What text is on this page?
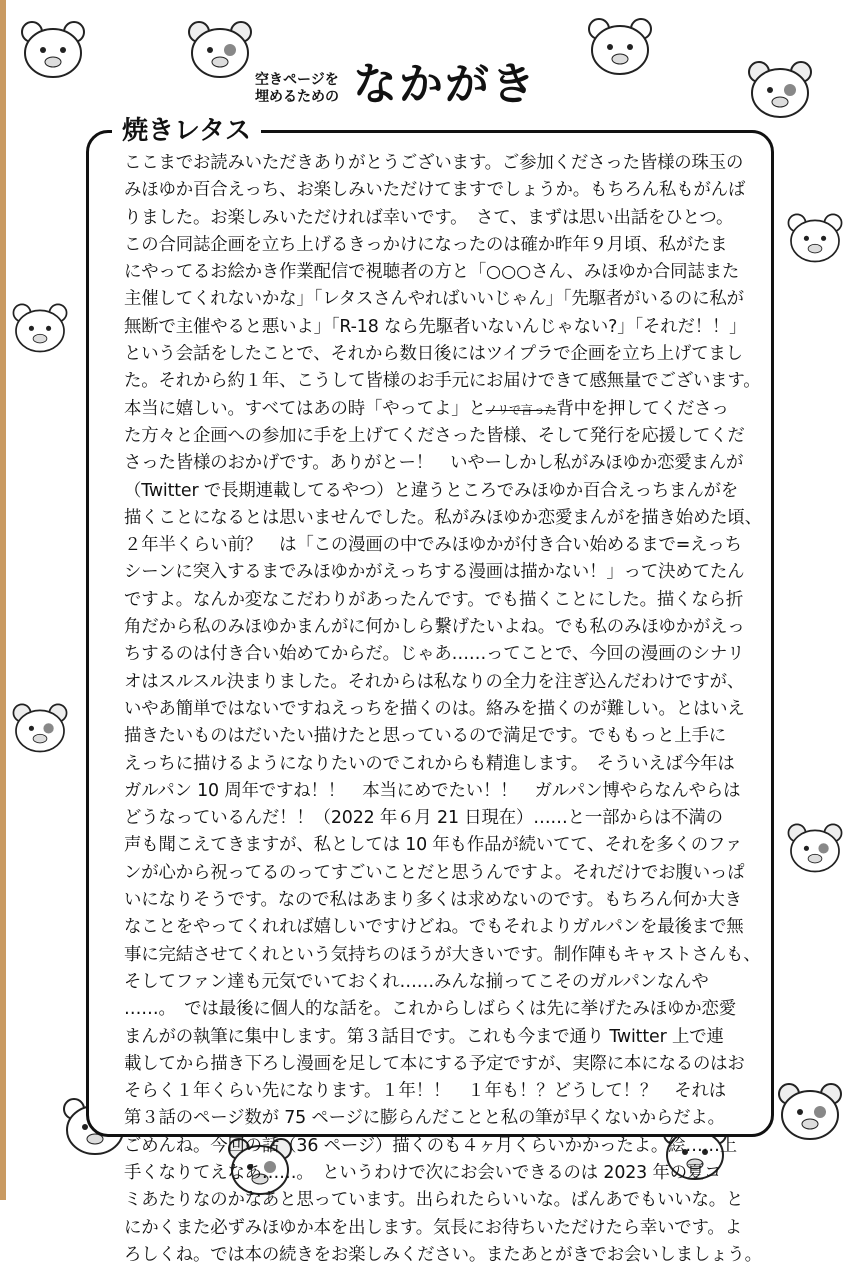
空きページを
埋めるための なかがき
焼きレタス
ここまでお読みいただきありがとうございます。ご参加くださった皆様の珠玉の
みほゆか百合えっち、お楽しみいただけてますでしょうか。もちろん私もがんば
りました。お楽しみいただければ幸いです。　さて、まずは思い出話をひとつ。
この合同誌企画を立ち上げるきっかけになったのは確か昨年９月頃、私がたま
にやってるお絵かき作業配信で視聴者の方と「○○○さん、みほゆか合同誌また
主催してくれないかな」「レタスさんやればいいじゃん」「先駆者がいるのに私が
無断で主催やると悪いよ」「R-18 なら先駆者いないんじゃない?」「それだ！！」
という会話をしたことで、それから数日後にはツイプラで企画を立ち上げてまし
た。それから約１年、こうして皆様のお手元にお届けできて感無量でございます。
本当に嬉しい。すべてはあの時「やってよ」とノリで言った背中を押してくださっ
た方々と企画への参加に手を上げてくださった皆様、そして発行を応援してくだ
さった皆様のおかげです。ありがとー！　いやーしかし私がみほゆか恋愛まんが
（Twitter で長期連載してるやつ）と違うところでみほゆか百合えっちまんがを
描くことになるとは思いませんでした。私がみほゆか恋愛まんがを描き始めた頃、
２年半くらい前？　は「この漫画の中でみほゆかが付き合い始めるまで=えっち
シーンに突入するまでみほゆかがえっちする漫画は描かない！」って決めてたん
ですよ。なんか変なこだわりがあったんです。でも描くことにした。描くなら折
角だから私のみほゆかまんがに何かしら繋げたいよね。でも私のみほゆかがえっ
ちするのは付き合い始めてからだ。じゃあ……ってことで、今回の漫画のシナリ
オはスルスル決まりました。それからは私なりの全力を注ぎ込んだわけですが、
いやあ簡単ではないですねえっちを描くのは。絡みを描くのが難しい。とはいえ
描きたいものはだいたい描けたと思っているので満足です。でももっと上手に
えっちに描けるようになりたいのでこれからも精進します。　そういえば今年は
ガルパン 10 周年ですね！！　本当にめでたい！！　ガルパン博やらなんやらは
どうなっているんだ！！（2022 年６月 21 日現在）……と一部からは不満の
声も聞こえてきますが、私としては 10 年も作品が続いてて、それを多くのファ
ンが心から祝ってるのってすごいことだと思うんですよ。それだけでお腹いっぱ
いになりそうです。なので私はあまり多くは求めないのです。もちろん何か大き
なことをやってくれれば嬉しいですけどね。でもそれよりガルパンを最後まで無
事に完結させてくれという気持ちのほうが大きいです。制作陣もキャストさんも、
そしてファン達も元気でいておくれ……みんな揃ってこそのガルパンなんや
……。　では最後に個人的な話を。これからしばらくは先に挙げたみほゆか恋愛
まんがの執筆に集中します。第３話目です。これも今まで通り Twitter 上で連
載してから描き下ろし漫画を足して本にする予定ですが、実際に本になるのはお
そらく１年くらい先になります。１年！！　１年も！？どうして！？　それは
第３話のページ数が 75 ページに膨らんだことと私の筆が早くないからだよ。
ごめんね。今回の話（36 ページ）描くのも４ヶ月くらいかかったよ。絵……上
手くなりてえなあ……。　というわけで次にお会いできるのは 2023 年の夏コ
ミあたりなのかなあと思っています。出られたらいいな。ばんあでもいいな。と
にかくまた必ずみほゆか本を出します。気長にお待ちいただけたら幸いです。よ
ろしくね。では本の続きをお楽しみください。またあとがきでお会いしましょう。
